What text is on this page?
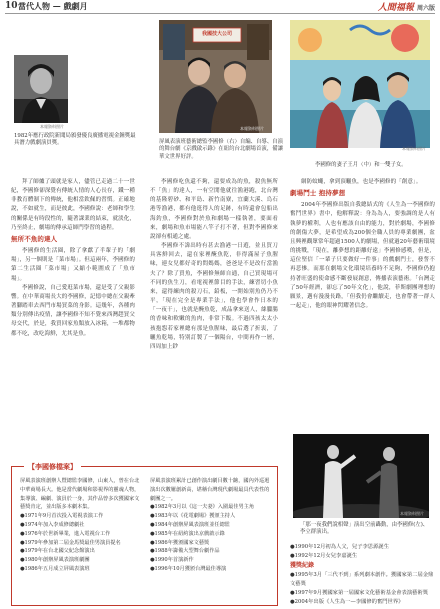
10 當代人物 — 戲劇月	人間福報 周六版
本報資料照片

1982年應行政院新聞局頒發優良廣播電視金鐘獎最具潛力戲劇演員獎。

我國技大公司
本報資料照片

屏風表演班藝術總監李國修（右）自編、自導、自演的舞台劇《京戲啟示錄》在紐約台北劇場首演，備讓華文世界好評。

本報資料照片

李國修的妻子王月（中）和一雙子女。

拜了師爐了頭就是家人，儘管已走過二十一世紀，李國修卻深覺有傳統人情的人心長存，鐵一種非教育體制下的傳統，他相當欽佩的習慣。正確地說，不如就生，而是彼此，李國修說：老師和學生的關係是有時段性的，隨著課業的結束，就淡化，乃至終止，劇場的傳承這師門學習的過程。

無所不魚的達人

李國修的生活圈，除了拿獻了半輩子的「劇場」，另一個則是「菜市場」。但這兩年，李國修的第二生活圈「菜市場」又縮小範圍成了「魚市場」。

李國修說，自己愛逛菜市場，還是受了父親影響。在中華商場長大的李國修，記憶中總在父親牽著腳踏車去西門市場買菜的身影。這幾年，各種肉類分別傳出疫情，讓李國修不知不覺來西灣趕買父母交代，於是，我買回家魚類放入冰箱，一堆都物都不吃，改吃海鮮，尤其是魚。

李國修吃魚還不夠，還要成為的魚，殺魚無所不「魚」的達人，一有空閒他就往漁港跑，北台灣的基隆碧砂、和平島、新竹南寮，宜蘭大溪、烏石港等漁港，都有他逛得人的足跡，有時還會包船出海釣魚，李國修對於魚和劇場一樣執著，要面看來，劇場和魚市場能八竿子打不著，但對李國修來說卻有相通之處。

李國修不諱出時有甚去漁港一日遊，並且買刀具客鮮回去，還在家裡醃魚乾，非得滿屋子魚腥味，連女兒都好奇的問媽媽，爸爸是不是改行當漁夫了？除了買魚，李國修無師自通，自己買現場可不同的魚生刀，看電視裡節目的手法，練習切小魚來，還得練肉的殺刀石，鉛板，一開始別魚仍乃不平，「現在完全是專業手法」，他也學會作日本的「一夜干」，也就是醃魚乾，成品拿來送人，絲臘腸的香味和軟嫩的魚肉，非常下飯。不過四孩太太小孩抱怨若家裡總有那是魚腥味，最后選了折衷，了曬魚乾場，特別訂製了一個陽台，中間再作一層，四周加上鈔

網防蚊蠅，拿到頂曬魚，也是李國修的「創意」。

劇場鬥士 抱持夢想

2004年李國修出版自我總結式的《人生為一李國修的奮鬥世界》書中，他解釋說：身為為人，要強調的是人有執夢的權利，人也有應該自由的能力，對於劇場，李國修的創傷大夢，是希望成為200個全職人員的專業劇團，盆且興裡觀眾常年超過1500人的劇場，但就過20年藝術環境的挑戰，「現在，離夢想的距離好遠」李國修感嘆，但是，這位堅信「一輩子只要做好一件事」的戲劇門士，發誓不再悲慘。而那在劇場文化環境培養時不足夠，李國修仍抱持著旺盛的使命感不斷發展創意，傳播表演藝術。「台灣走了50年經濟，卻忘了50年文化」，他說，菲斯劇團理想的願景，邁有漫漫長路，「但我仍會繼續走，也會帶著一群人一起走」，他的眼神閃耀著信念。

本報資料照片

「那一夜我們說相聲」演出空前轟動，由李國修(左)、李立群演出。

【李國修檔案】
屏風表演班創辦人暨總監李國修，山東人，曾在台北中華商場長大。他是當代劇場和影視界的靈魂人物，集導演、編劇、演員於一身，其作品曾多次獲國家文藝獎肯定，並出版多本劇本集。
●1971年9月首次投入電視表演工作
●1974年加入李成修總劇社
●1976年於世新畢業，進入電視台工作
●1979年參加第二屆金馬獎最佳男演員提名
●1979年在台北國父紀念館演出
●1980年創辦屏風表演班劇團
●1986年五月成立屏風表演班
屏風表演班累計已創作演出劇目數十齣，國內外巡迴演出次數屢創新高，堪稱台灣現代劇場最具代表性的劇團之一。
●1982年3月以《這一夫妻》入圍最佳男主角
●1983年以《花電劇場》獲頒主持人
●1984年創辦屏風表演班並任總監
●1985年在紐約演出京戲啟示錄
●1986年獲頒國家文藝獎
●1988年籌備大型舞台劇作品
●1990年首演新作
●1996年10月獲頒台灣最佳導演

●1990年12月初為人父，兒子李思源誕生

●1992年12月女兒李嘉誕生

獲獎紀錄

●1995年3月「三代不到」系列劇本創作。獲國家第二屆金鼎文藝獎

●1997年9月獲國家第一屆國家文化藝術基金會表演藝術獎

●2004年出版《人生為一—李國修的奮鬥世界》
